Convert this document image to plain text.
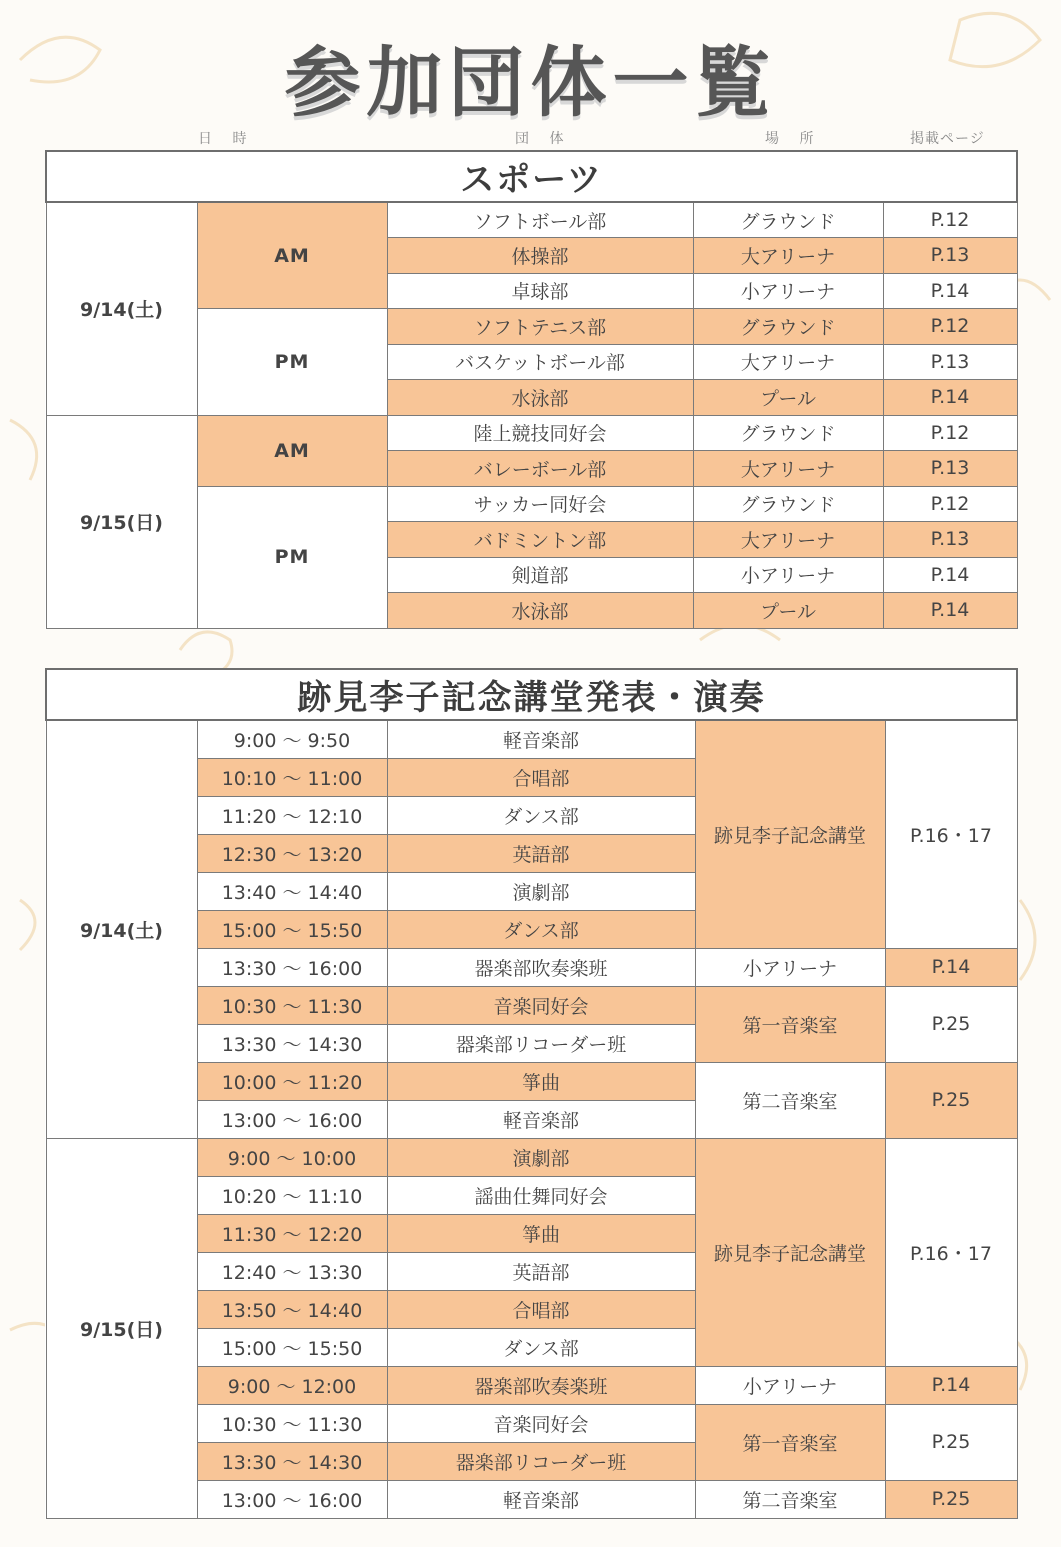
参加団体一覧
日 時	団 体	場 所	掲載ページ
スポーツ				
9/14(土)	AM	ソフトボール部	グラウンド	P.12
		体操部	大アリーナ	P.13
		卓球部	小アリーナ	P.14
	PM	ソフトテニス部	グラウンド	P.12
		バスケットボール部	大アリーナ	P.13
		水泳部	プール	P.14
9/15(日)	AM	陸上競技同好会	グラウンド	P.12
		バレーボール部	大アリーナ	P.13
	PM	サッカー同好会	グラウンド	P.12
		バドミントン部	大アリーナ	P.13
		剣道部	小アリーナ	P.14
		水泳部	プール	P.14
跡見李子記念講堂発表・演奏				
9/14(土)	9:00 〜 9:50	軽音楽部	跡見李子記念講堂	P.16・17
	10:10 〜 11:00	合唱部		
	11:20 〜 12:10	ダンス部		
	12:30 〜 13:20	英語部		
	13:40 〜 14:40	演劇部		
	15:00 〜 15:50	ダンス部		
	13:30 〜 16:00	器楽部吹奏楽班	小アリーナ	P.14
	10:30 〜 11:30	音楽同好会	第一音楽室	P.25
	13:30 〜 14:30	器楽部リコーダー班		
	10:00 〜 11:20	箏曲	第二音楽室	P.25
	13:00 〜 16:00	軽音楽部		
9/15(日)	9:00 〜 10:00	演劇部	跡見李子記念講堂	P.16・17
	10:20 〜 11:10	謡曲仕舞同好会		
	11:30 〜 12:20	箏曲		
	12:40 〜 13:30	英語部		
	13:50 〜 14:40	合唱部		
	15:00 〜 15:50	ダンス部		
	9:00 〜 12:00	器楽部吹奏楽班	小アリーナ	P.14
	10:30 〜 11:30	音楽同好会	第一音楽室	P.25
	13:30 〜 14:30	器楽部リコーダー班		
	13:00 〜 16:00	軽音楽部	第二音楽室	P.25
